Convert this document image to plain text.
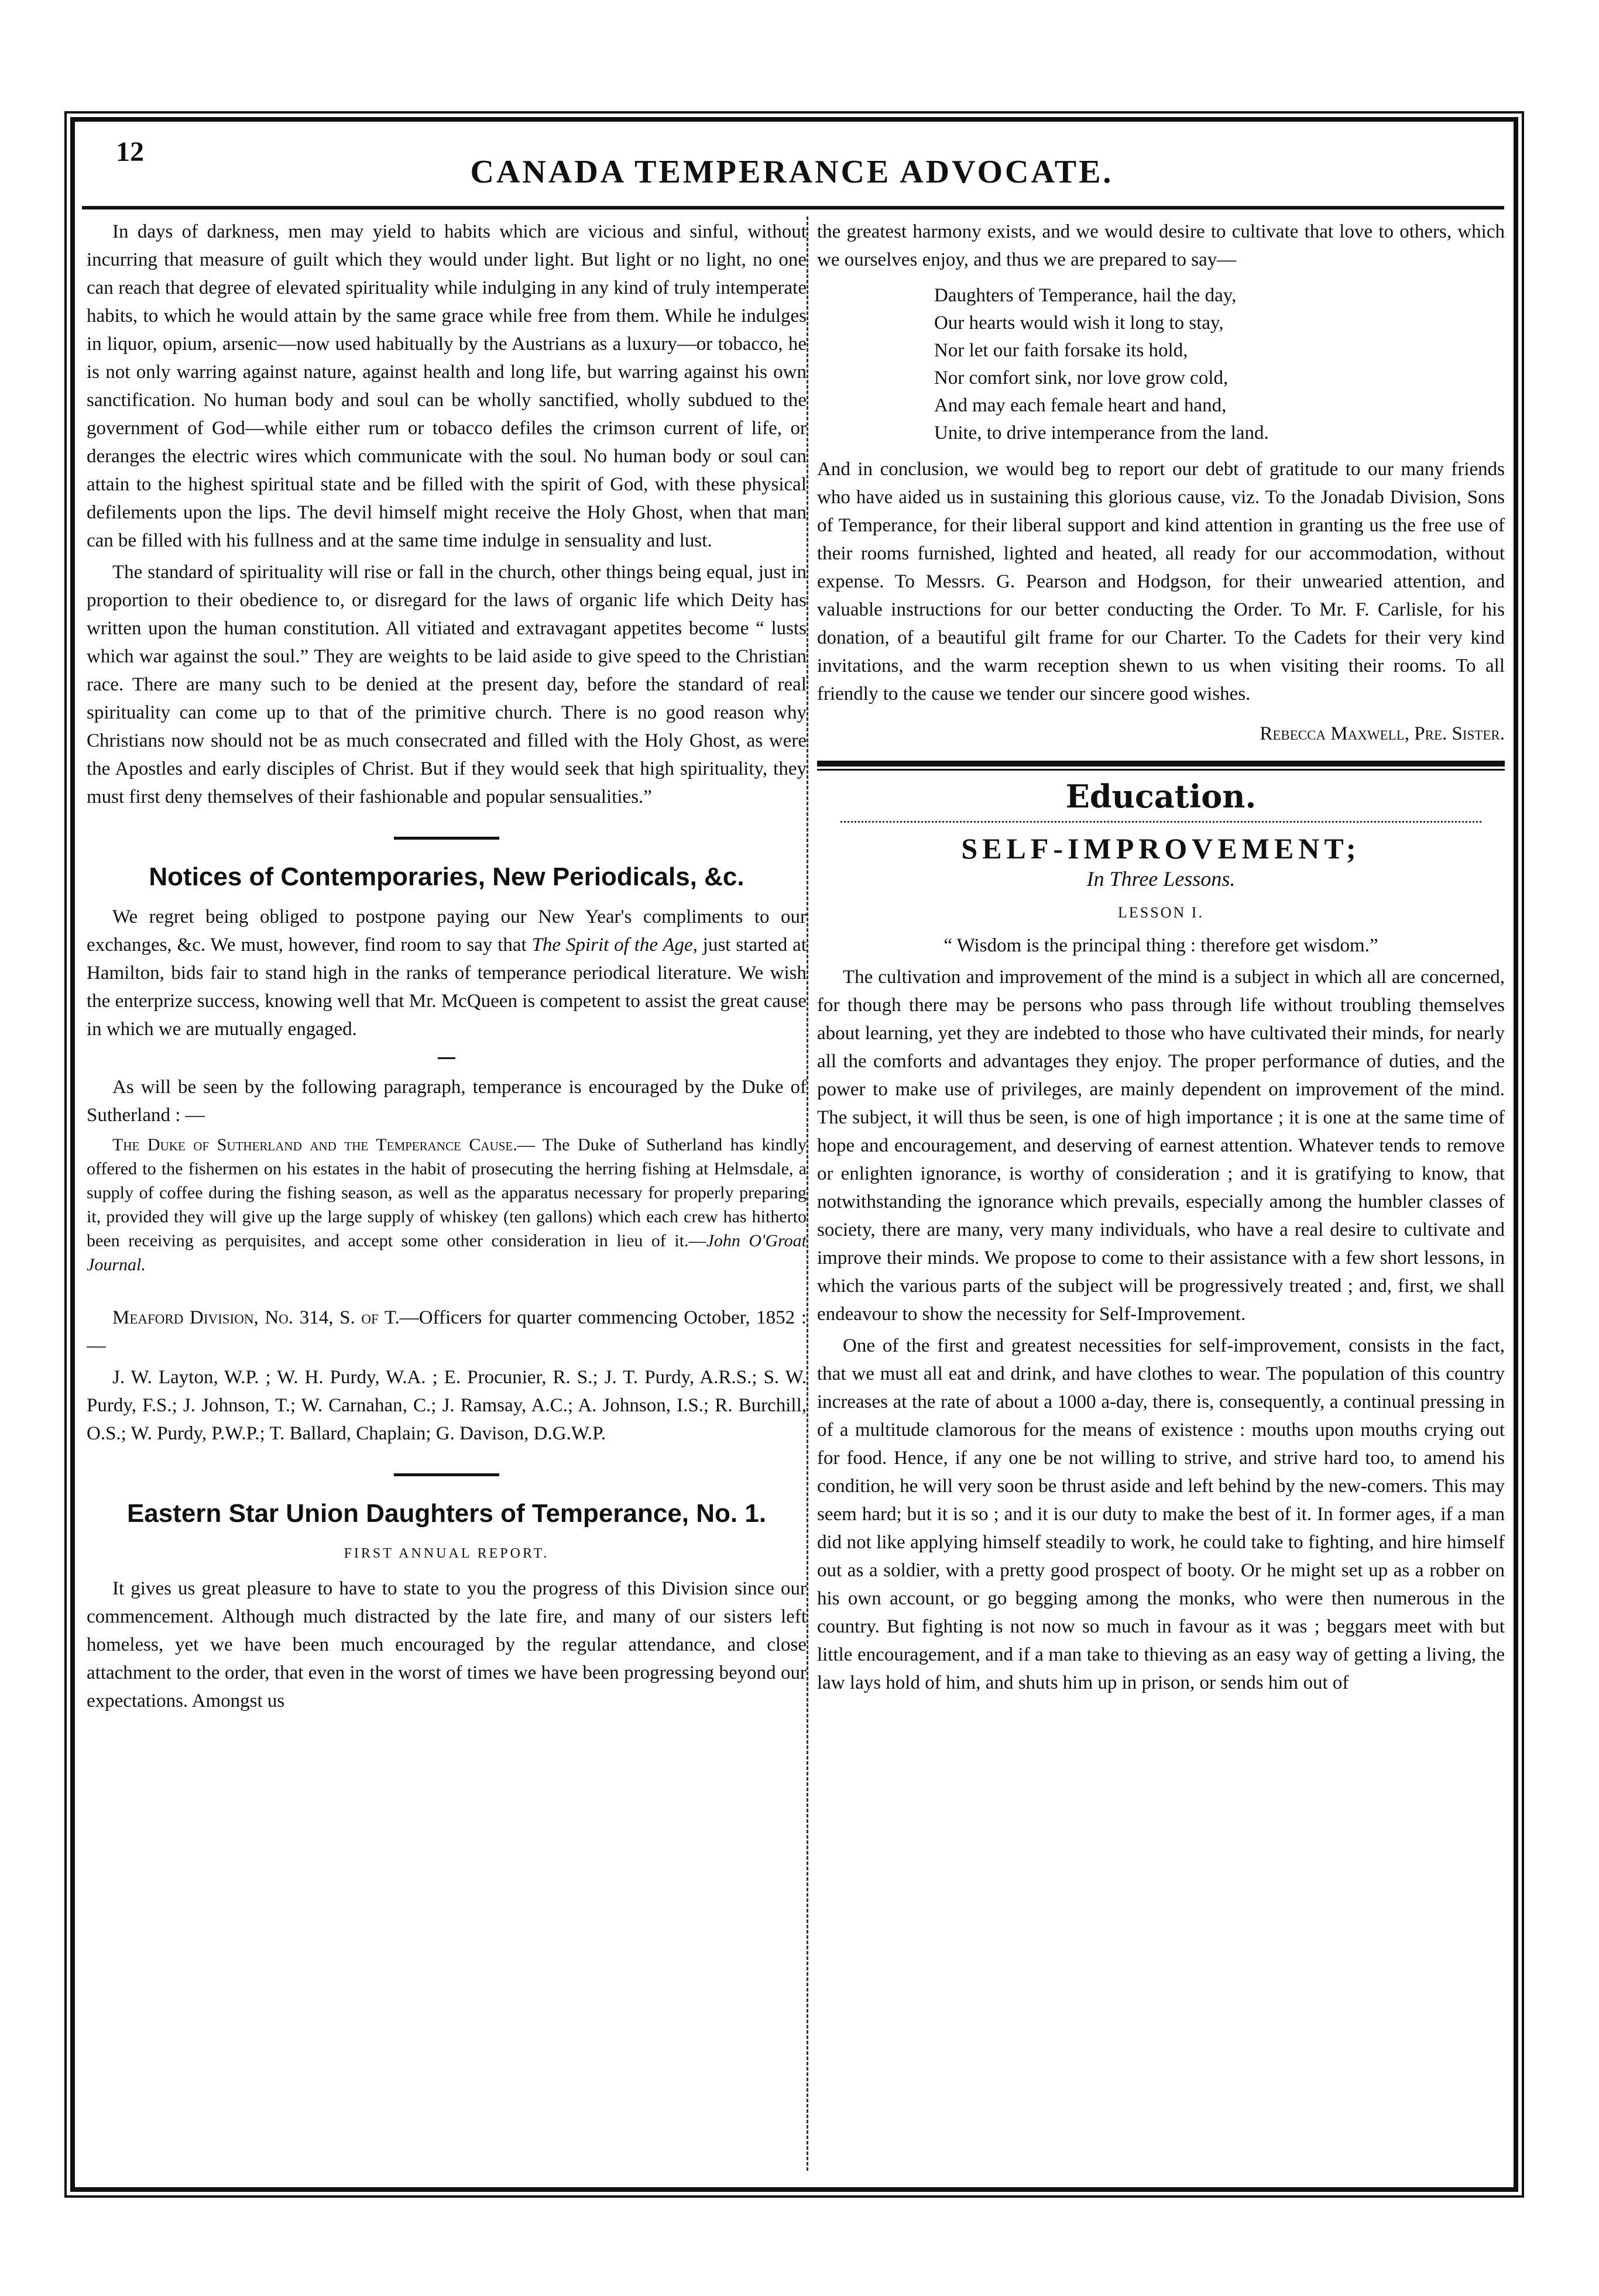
12
CANADA TEMPERANCE ADVOCATE.

In days of darkness, men may yield to habits which are vicious and sinful, without incurring that measure of guilt which they would under light. But light or no light, no one can reach that degree of elevated spirituality while indulging in any kind of truly intemperate habits, to which he would attain by the same grace while free from them. While he indulges in liquor, opium, arsenic—now used habitually by the Austrians as a luxury—or tobacco, he is not only warring against nature, against health and long life, but warring against his own sanctification. No human body and soul can be wholly sanctified, wholly subdued to the government of God—while either rum or tobacco defiles the crimson current of life, or deranges the electric wires which communicate with the soul. No human body or soul can attain to the highest spiritual state and be filled with the spirit of God, with these physical defilements upon the lips. The devil himself might receive the Holy Ghost, when that man can be filled with his fullness and at the same time indulge in sensuality and lust.

The standard of spirituality will rise or fall in the church, other things being equal, just in proportion to their obedience to, or disregard for the laws of organic life which Deity has written upon the human constitution. All vitiated and extravagant appetites become “ lusts which war against the soul.” They are weights to be laid aside to give speed to the Christian race. There are many such to be denied at the present day, before the standard of real spirituality can come up to that of the primitive church. There is no good reason why Christians now should not be as much consecrated and filled with the Holy Ghost, as were the Apostles and early disciples of Christ. But if they would seek that high spirituality, they must first deny themselves of their fashionable and popular sensualities.”

Notices of Contemporaries, New Periodicals, &c.

We regret being obliged to postpone paying our New Year's compliments to our exchanges, &c. We must, however, find room to say that The Spirit of the Age, just started at Hamilton, bids fair to stand high in the ranks of temperance periodical literature. We wish the enterprize success, knowing well that Mr. McQueen is competent to assist the great cause in which we are mutually engaged.

As will be seen by the following paragraph, temperance is encouraged by the Duke of Sutherland : —

The Duke of Sutherland and the Temperance Cause.— The Duke of Sutherland has kindly offered to the fishermen on his estates in the habit of prosecuting the herring fishing at Helmsdale, a supply of coffee during the fishing season, as well as the apparatus necessary for properly preparing it, provided they will give up the large supply of whiskey (ten gallons) which each crew has hitherto been receiving as perquisites, and accept some other consideration in lieu of it.—John O'Groat Journal.

Meaford Division, No. 314, S. of T.—Officers for quarter commencing October, 1852 : —

J. W. Layton, W.P. ; W. H. Purdy, W.A. ; E. Procunier, R. S.; J. T. Purdy, A.R.S.; S. W. Purdy, F.S.; J. Johnson, T.; W. Carnahan, C.; J. Ramsay, A.C.; A. Johnson, I.S.; R. Burchill, O.S.; W. Purdy, P.W.P.; T. Ballard, Chaplain; G. Davison, D.G.W.P.

Eastern Star Union Daughters of Temperance, No. 1.
FIRST ANNUAL REPORT.

It gives us great pleasure to have to state to you the progress of this Division since our commencement. Although much distracted by the late fire, and many of our sisters left homeless, yet we have been much encouraged by the regular attendance, and close attachment to the order, that even in the worst of times we have been progressing beyond our expectations. Amongst us

the greatest harmony exists, and we would desire to cultivate that love to others, which we ourselves enjoy, and thus we are prepared to say—

Daughters of Temperance, hail the day,
Our hearts would wish it long to stay,
Nor let our faith forsake its hold,
Nor comfort sink, nor love grow cold,
And may each female heart and hand,
Unite, to drive intemperance from the land.

And in conclusion, we would beg to report our debt of gratitude to our many friends who have aided us in sustaining this glorious cause, viz. To the Jonadab Division, Sons of Temperance, for their liberal support and kind attention in granting us the free use of their rooms furnished, lighted and heated, all ready for our accommodation, without expense. To Messrs. G. Pearson and Hodgson, for their unwearied attention, and valuable instructions for our better conducting the Order. To Mr. F. Carlisle, for his donation, of a beautiful gilt frame for our Charter. To the Cadets for their very kind invitations, and the warm reception shewn to us when visiting their rooms. To all friendly to the cause we tender our sincere good wishes.

Rebecca Maxwell, Pre. Sister.
Education.
SELF-IMPROVEMENT;
In Three Lessons.
LESSON I.
“ Wisdom is the principal thing : therefore get wisdom.”

The cultivation and improvement of the mind is a subject in which all are concerned, for though there may be persons who pass through life without troubling themselves about learning, yet they are indebted to those who have cultivated their minds, for nearly all the comforts and advantages they enjoy. The proper performance of duties, and the power to make use of privileges, are mainly dependent on improvement of the mind. The subject, it will thus be seen, is one of high importance ; it is one at the same time of hope and encouragement, and deserving of earnest attention. Whatever tends to remove or enlighten ignorance, is worthy of consideration ; and it is gratifying to know, that notwithstanding the ignorance which prevails, especially among the humbler classes of society, there are many, very many individuals, who have a real desire to cultivate and improve their minds. We propose to come to their assistance with a few short lessons, in which the various parts of the subject will be progressively treated ; and, first, we shall endeavour to show the necessity for Self-Improvement.

One of the first and greatest necessities for self-improvement, consists in the fact, that we must all eat and drink, and have clothes to wear. The population of this country increases at the rate of about a 1000 a-day, there is, consequently, a continual pressing in of a multitude clamorous for the means of existence : mouths upon mouths crying out for food. Hence, if any one be not willing to strive, and strive hard too, to amend his condition, he will very soon be thrust aside and left behind by the new-comers. This may seem hard; but it is so ; and it is our duty to make the best of it. In former ages, if a man did not like applying himself steadily to work, he could take to fighting, and hire himself out as a soldier, with a pretty good prospect of booty. Or he might set up as a robber on his own account, or go begging among the monks, who were then numerous in the country. But fighting is not now so much in favour as it was ; beggars meet with but little encouragement, and if a man take to thieving as an easy way of getting a living, the law lays hold of him, and shuts him up in prison, or sends him out of
